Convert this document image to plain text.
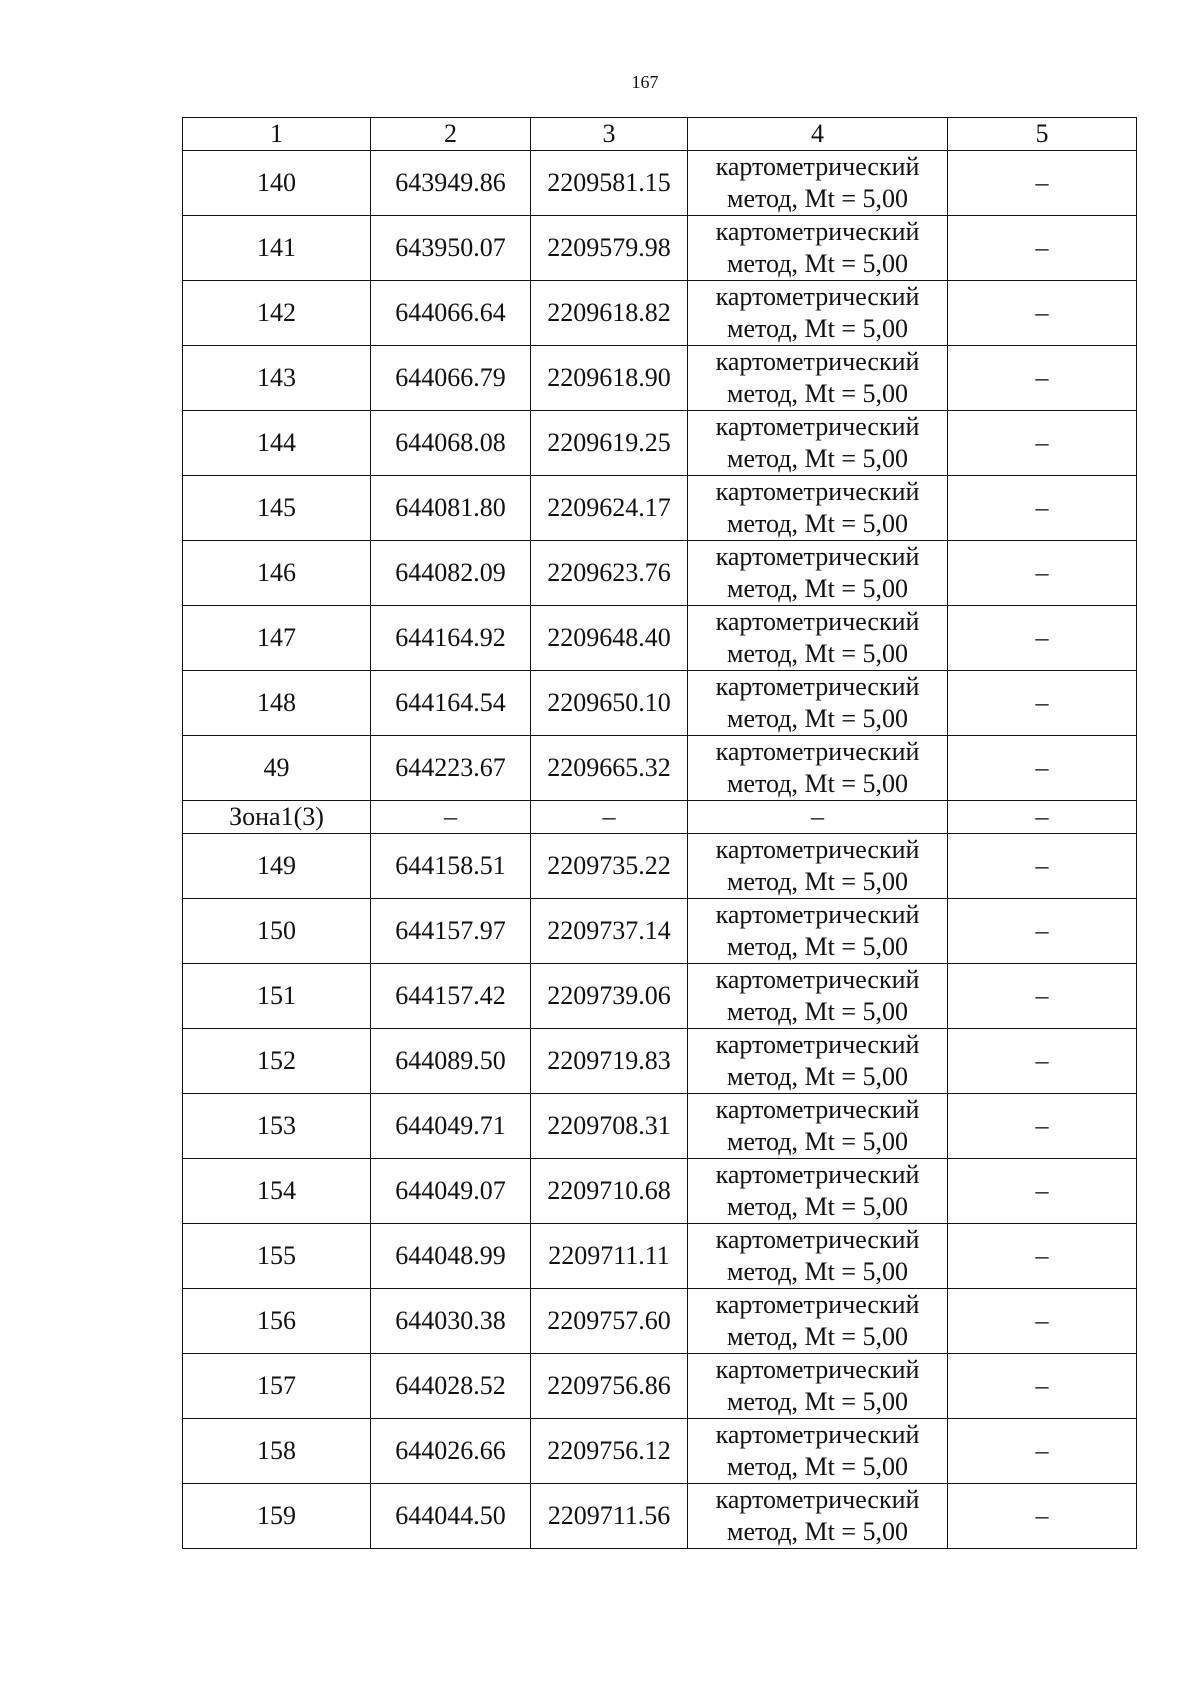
167
1	2	3	4	5
140	643949.86	2209581.15	картометрический
метод, Mt = 5,00	–
141	643950.07	2209579.98	картометрический
метод, Mt = 5,00	–
142	644066.64	2209618.82	картометрический
метод, Mt = 5,00	–
143	644066.79	2209618.90	картометрический
метод, Mt = 5,00	–
144	644068.08	2209619.25	картометрический
метод, Mt = 5,00	–
145	644081.80	2209624.17	картометрический
метод, Mt = 5,00	–
146	644082.09	2209623.76	картометрический
метод, Mt = 5,00	–
147	644164.92	2209648.40	картометрический
метод, Mt = 5,00	–
148	644164.54	2209650.10	картометрический
метод, Mt = 5,00	–
49	644223.67	2209665.32	картометрический
метод, Mt = 5,00	–
Зона1(3)	–	–	–	–
149	644158.51	2209735.22	картометрический
метод, Mt = 5,00	–
150	644157.97	2209737.14	картометрический
метод, Mt = 5,00	–
151	644157.42	2209739.06	картометрический
метод, Mt = 5,00	–
152	644089.50	2209719.83	картометрический
метод, Mt = 5,00	–
153	644049.71	2209708.31	картометрический
метод, Mt = 5,00	–
154	644049.07	2209710.68	картометрический
метод, Mt = 5,00	–
155	644048.99	2209711.11	картометрический
метод, Mt = 5,00	–
156	644030.38	2209757.60	картометрический
метод, Mt = 5,00	–
157	644028.52	2209756.86	картометрический
метод, Mt = 5,00	–
158	644026.66	2209756.12	картометрический
метод, Mt = 5,00	–
159	644044.50	2209711.56	картометрический
метод, Mt = 5,00	–
